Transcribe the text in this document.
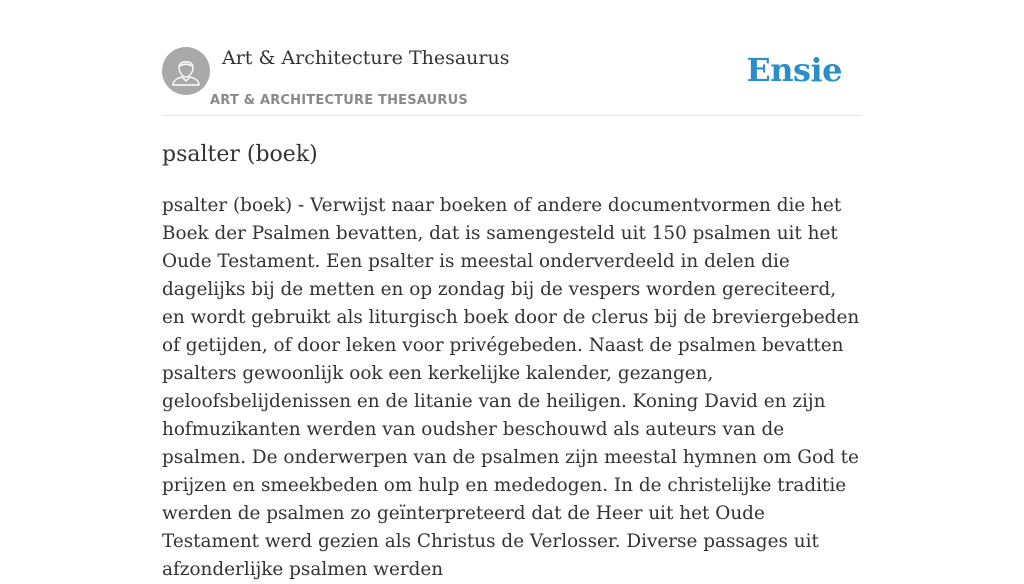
Art & Architecture Thesaurus
ART & ARCHITECTURE THESAURUS
Ensie
psalter (boek)

psalter (boek) - Verwijst naar boeken of andere documentvormen die het Boek der Psalmen bevatten, dat is samengesteld uit 150 psalmen uit het Oude Testament. Een psalter is meestal onderverdeeld in delen die dagelijks bij de metten en op zondag bij de vespers worden gereciteerd, en wordt gebruikt als liturgisch boek door de clerus bij de breviergebeden of getijden, of door leken voor privégebeden. Naast de psalmen bevatten psalters gewoonlijk ook een kerkelijke kalender, gezangen, geloofsbelijdenissen en de litanie van de heiligen. Koning David en zijn hofmuzikanten werden van oudsher beschouwd als auteurs van de psalmen. De onderwerpen van de psalmen zijn meestal hymnen om God te prijzen en smeekbeden om hulp en mededogen. In de christelijke traditie werden de psalmen zo geïnterpreteerd dat de Heer uit het Oude Testament werd gezien als Christus de Verlosser. Diverse passages uit afzonderlijke psalmen werden
